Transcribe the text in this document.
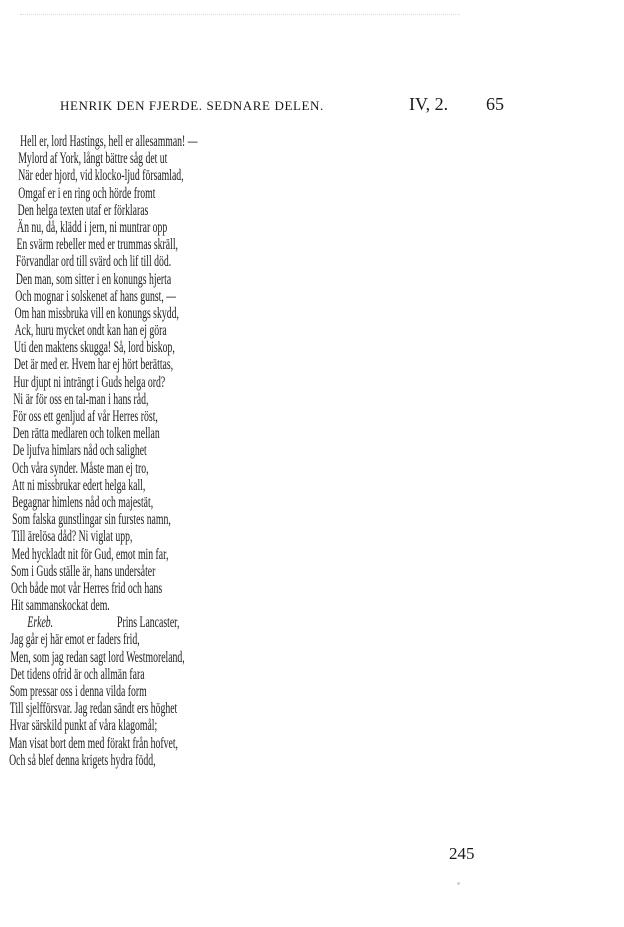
HENRIK DEN FJERDE. SEDNARE DELEN.	IV, 2. 65
Hell er, lord Hastings, hell er allesamman! —
Mylord af York, långt bättre såg det ut
När eder hjord, vid klocko-ljud församlad,
Omgaf er i en ring och hörde fromt
Den helga texten utaf er förklaras
Än nu, då, klädd i jern, ni muntrar opp
En svärm rebeller med er trummas skräll,
Förvandlar ord till svärd och lif till död.
Den man, som sitter i en konungs hjerta
Och mognar i solskenet af hans gunst, —
Om han missbruka vill en konungs skydd,
Ack, huru mycket ondt kan han ej göra
Uti den maktens skugga! Så, lord biskop,
Det är med er. Hvem har ej hört berättas,
Hur djupt ni inträngt i Guds helga ord?
Ni är för oss en tal-man i hans råd,
För oss ett genljud af vår Herres röst,
Den rätta medlaren och tolken mellan
De ljufva himlars nåd och salighet
Och våra synder. Måste man ej tro,
Att ni missbrukar edert helga kall,
Begagnar himlens nåd och majestät,
Som falska gunstlingar sin furstes namn,
Till ärelösa dåd? Ni viglat upp,
Med hyckladt nit för Gud, emot min far,
Som i Guds ställe är, hans undersåter
Och både mot vår Herres frid och hans
Hit sammanskockat dem.
Erkeb.	Prins Lancaster,
Jag går ej här emot er faders frid,
Men, som jag redan sagt lord Westmoreland,
Det tidens ofrid är och allmän fara
Som pressar oss i denna vilda form
Till sjelfförsvar. Jag redan sändt ers höghet
Hvar särskild punkt af våra klagomål;
Man visat bort dem med förakt från hofvet,
Och så blef denna krigets hydra född,
245
